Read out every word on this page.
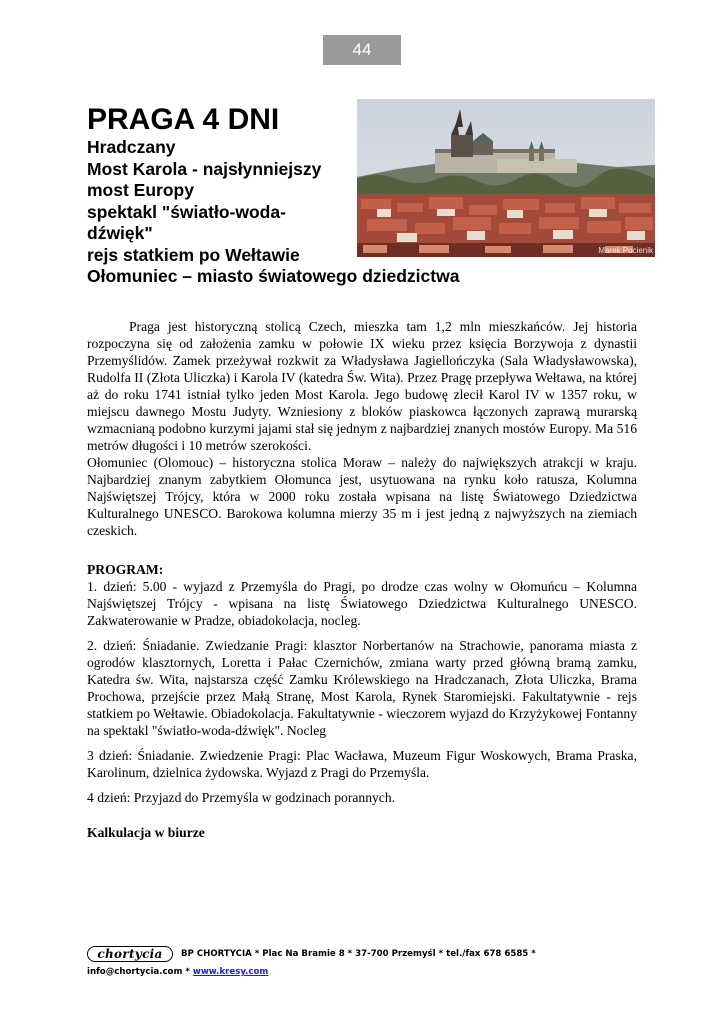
44
PRAGA 4 DNI
Hradczany
Most Karola - najsłynniejszy
most Europy
spektakl "światło-woda-
dźwięk"
rejs statkiem po Wełtawie
Ołomuniec – miasto światowego dziedzictwa
Marek Pocienik

Praga jest historyczną stolicą Czech, mieszka tam 1,2 mln mieszkańców. Jej historia rozpoczyna się od założenia zamku w połowie IX wieku przez księcia Borzywoja z dynastii Przemyślidów. Zamek przeżywał rozkwit za Władysława Jagiellończyka (Sala Władysławowska), Rudolfa II (Złota Uliczka) i Karola IV (katedra Św. Wita). Przez Pragę przepływa Wełtawa, na której aż do roku 1741 istniał tylko jeden Most Karola. Jego budowę zlecił Karol IV w 1357 roku, w miejscu dawnego Mostu Judyty. Wzniesiony z bloków piaskowca łączonych zaprawą murarską wzmacnianą podobno kurzymi jajami stał się jednym z najbardziej znanych mostów Europy. Ma 516 metrów długości i 10 metrów szerokości.

Ołomuniec (Olomouc) – historyczna stolica Moraw – należy do największych atrakcji w kraju. Najbardziej znanym zabytkiem Ołomunca jest, usytuowana na rynku koło ratusza, Kolumna Najświętszej Trójcy, która w 2000 roku została wpisana na listę Światowego Dziedzictwa Kulturalnego UNESCO. Barokowa kolumna mierzy 35 m i jest jedną z najwyższych na ziemiach czeskich.

PROGRAM:

1. dzień: 5.00 - wyjazd z Przemyśla do Pragi, po drodze czas wolny w Ołomuńcu – Kolumna Najświętszej Trójcy - wpisana na listę Światowego Dziedzictwa Kulturalnego UNESCO. Zakwaterowanie w Pradze, obiadokolacja, nocleg.

2. dzień: Śniadanie. Zwiedzanie Pragi: klasztor Norbertanów na Strachowie, panorama miasta z ogrodów klasztornych, Loretta i Pałac Czernichów, zmiana warty przed główną bramą zamku, Katedra św. Wita, najstarsza część Zamku Królewskiego na Hradczanach, Złota Uliczka, Brama Prochowa, przejście przez Małą Stranę, Most Karola, Rynek Staromiejski. Fakultatywnie - rejs statkiem po Wełtawie. Obiadokolacja. Fakultatywnie - wieczorem wyjazd do Krzyżykowej Fontanny na spektakl "światło-woda-dźwięk". Nocleg

3 dzień: Śniadanie. Zwiedzenie Pragi: Plac Wacława, Muzeum Figur Woskowych, Brama Praska, Karolinum, dzielnica żydowska. Wyjazd z Pragi do Przemyśla.

4 dzień: Przyjazd do Przemyśla w godzinach porannych.

Kalkulacja w biurze

chortycia	BP CHORTYCIA * Plac Na Bramie 8 * 37-700 Przemyśl * tel./fax 678 6585 *
info@chortycia.com * www.kresy.com
